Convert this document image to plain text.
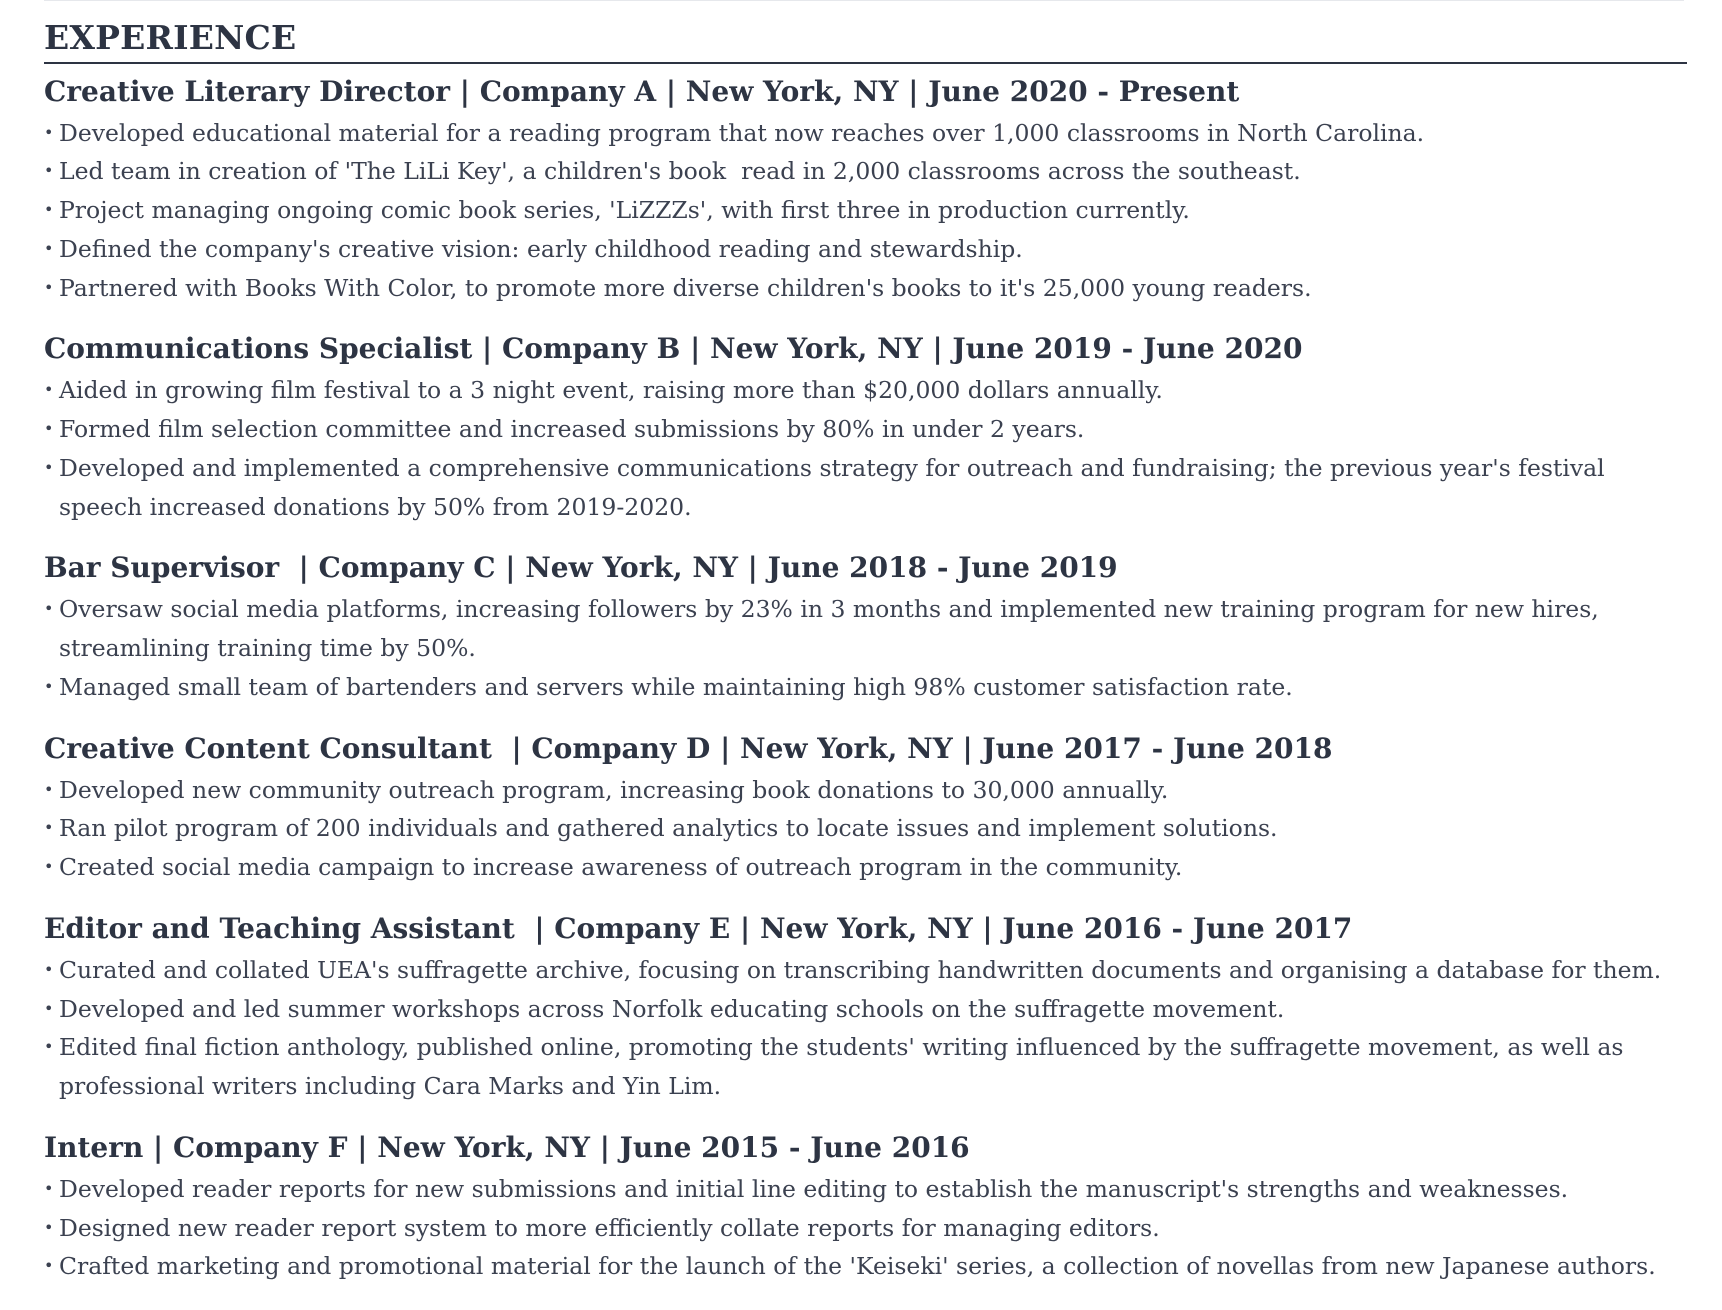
EXPERIENCE
Creative Literary Director | Company A | New York, NY | June 2020 - Present
• Developed educational material for a reading program that now reaches over 1,000 classrooms in North Carolina.
• Led team in creation of 'The LiLi Key', a children's book  read in 2,000 classrooms across the southeast.
• Project managing ongoing comic book series, 'LiZZZs', with first three in production currently.
• Defined the company's creative vision: early childhood reading and stewardship.
• Partnered with Books With Color, to promote more diverse children's books to it's 25,000 young readers.
Communications Specialist | Company B | New York, NY | June 2019 - June 2020
• Aided in growing film festival to a 3 night event, raising more than $20,000 dollars annually.
• Formed film selection committee and increased submissions by 80% in under 2 years.
• Developed and implemented a comprehensive communications strategy for outreach and fundraising; the previous year's festival speech increased donations by 50% from 2019-2020.
Bar Supervisor  | Company C | New York, NY | June 2018 - June 2019
• Oversaw social media platforms, increasing followers by 23% in 3 months and implemented new training program for new hires, streamlining training time by 50%.
• Managed small team of bartenders and servers while maintaining high 98% customer satisfaction rate.
Creative Content Consultant  | Company D | New York, NY | June 2017 - June 2018
• Developed new community outreach program, increasing book donations to 30,000 annually.
• Ran pilot program of 200 individuals and gathered analytics to locate issues and implement solutions.
• Created social media campaign to increase awareness of outreach program in the community.
Editor and Teaching Assistant  | Company E | New York, NY | June 2016 - June 2017
• Curated and collated UEA's suffragette archive, focusing on transcribing handwritten documents and organising a database for them.
• Developed and led summer workshops across Norfolk educating schools on the suffragette movement.
• Edited final fiction anthology, published online, promoting the students' writing influenced by the suffragette movement, as well as professional writers including Cara Marks and Yin Lim.
Intern | Company F | New York, NY | June 2015 - June 2016
• Developed reader reports for new submissions and initial line editing to establish the manuscript's strengths and weaknesses.
• Designed new reader report system to more efficiently collate reports for managing editors.
• Crafted marketing and promotional material for the launch of the 'Keiseki' series, a collection of novellas from new Japanese authors.
